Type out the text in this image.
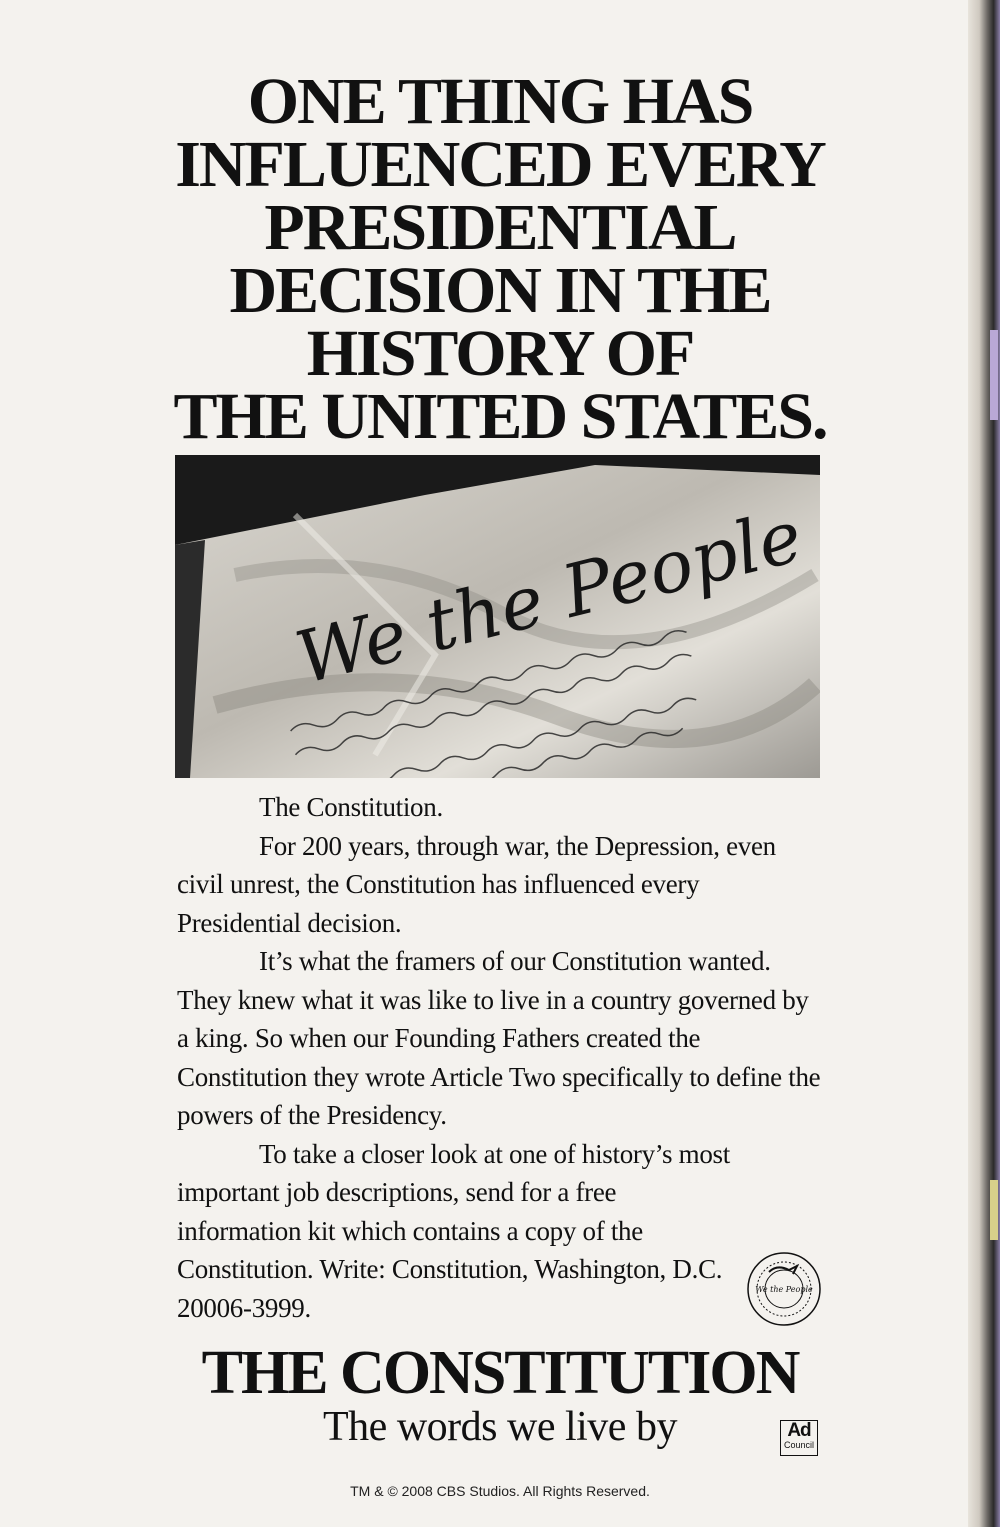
ONE THING HAS
INFLUENCED EVERY
PRESIDENTIAL
DECISION IN THE
HISTORY OF
THE UNITED STATES.
We the People

The Constitution.

For 200 years, through war, the Depression, even civil unrest, the Constitution has influenced every Presidential decision.

It’s what the framers of our Constitution wanted. They knew what it was like to live in a country governed by a king. So when our Founding Fathers created the Constitution they wrote Article Two specifically to define the powers of the Presidency.

To take a closer look at one of history’s most important job descriptions, send for a free information kit which contains a copy of the Constitution. Write: Constitution, Washington, D.C. 20006-3999.

We the People
THE CONSTITUTION
The words we live by	Ad
Council
TM & © 2008 CBS Studios. All Rights Reserved.
